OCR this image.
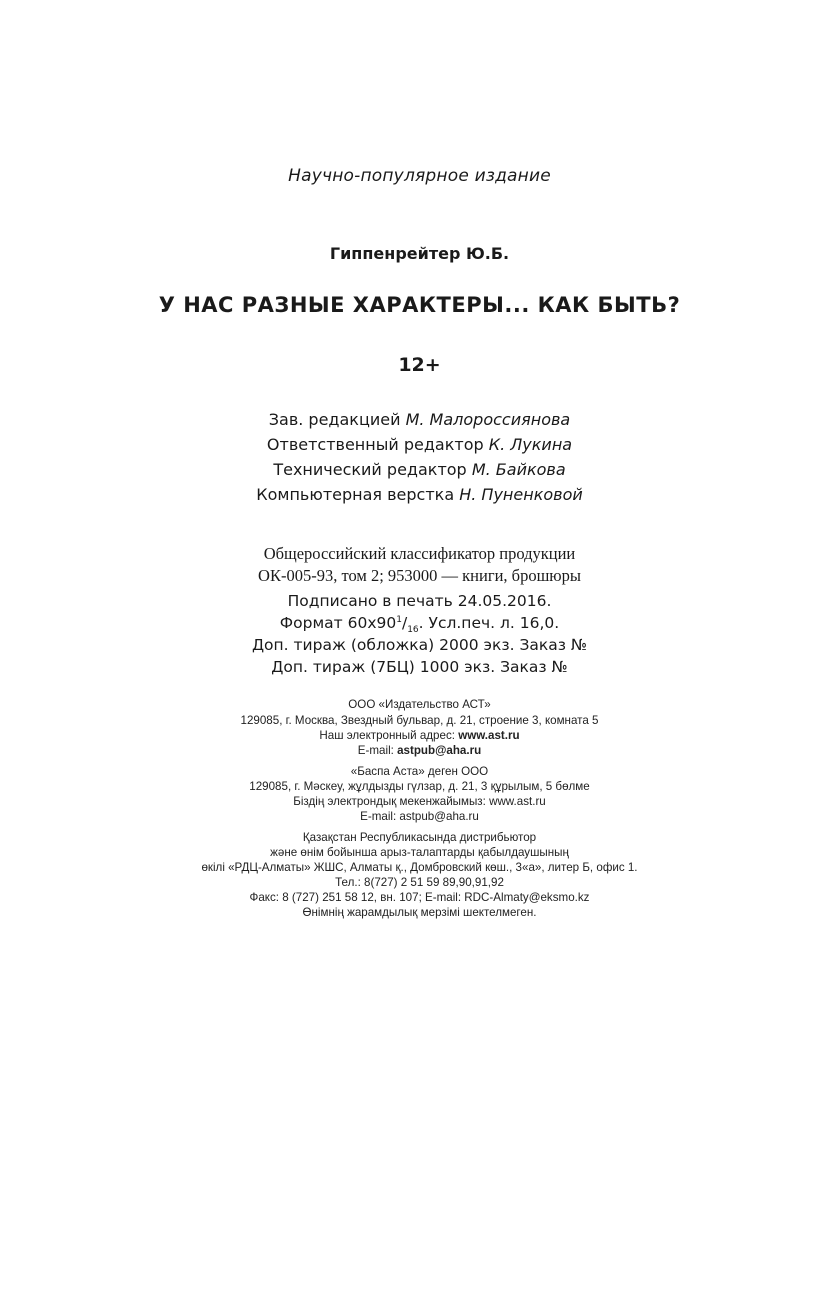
Научно-популярное издание
Гиппенрейтер Ю.Б.
У НАС РАЗНЫЕ ХАРАКТЕРЫ... КАК БЫТЬ?
12+
Зав. редакцией М. Малороссиянова
Ответственный редактор К. Лукина
Технический редактор М. Байкова
Компьютерная верстка Н. Пуненковой
Общероссийский классификатор продукции
ОК-005-93, том 2; 953000 — книги, брошюры
Подписано в печать 24.05.2016.
Формат $60х90^1/_{16}$. Усл.печ. л. 16,0.
Доп. тираж (обложка) 2000 экз. Заказ №
Доп. тираж (7БЦ) 1000 экз. Заказ №
ООО «Издательство АСТ»
129085, г. Москва, Звездный бульвар, д. 21, строение 3, комната 5
Наш электронный адрес: www.ast.ru
E-mail: astpub@aha.ru
«Баспа Аста» деген ООО
129085, г. Мәскеу, жұлдызды гүлзар, д. 21, 3 құрылым, 5 бөлме
Біздің электрондық мекенжайымыз: www.ast.ru
E-mail: astpub@aha.ru
Қазақстан Республикасында дистрибьютор
және өнім бойынша арыз-талаптарды қабылдаушының
өкілі «РДЦ-Алматы» ЖШС, Алматы қ., Домбровский көш., 3«а», литер Б, офис 1.
Тел.: 8(727) 2 51 59 89,90,91,92
Факс: 8 (727) 251 58 12, вн. 107; E-mail: RDC-Almaty@eksmo.kz
Өнімнің жарамдылық мерзімі шектелмеген.
